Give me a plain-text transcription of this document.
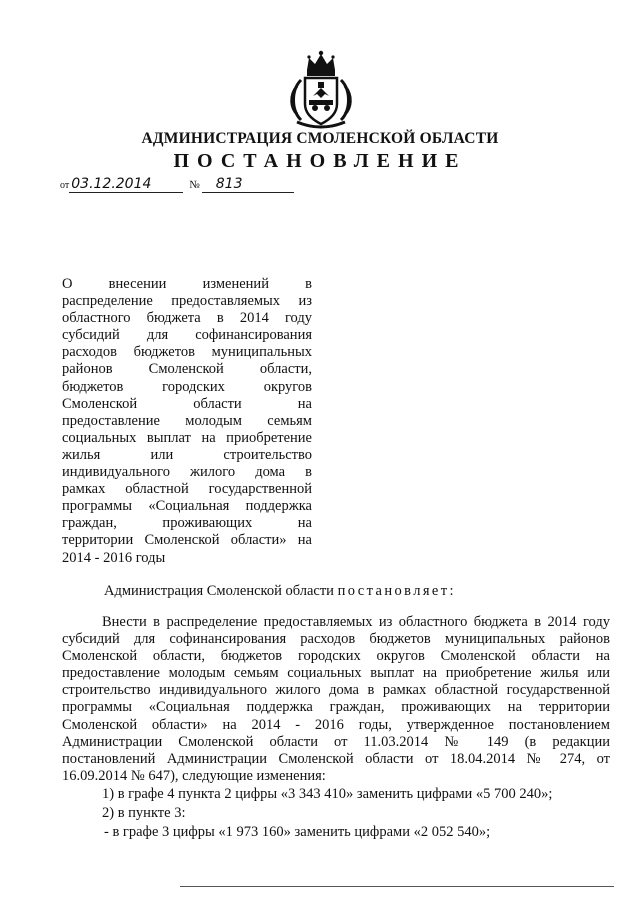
АДМИНИСТРАЦИЯ СМОЛЕНСКОЙ ОБЛАСТИ
ПОСТАНОВЛЕНИЕ
от 03.12.2014	№ 813
О внесении изменений в
распределение предоставляемых из
областного бюджета в 2014 году
субсидий для софинансирования
расходов бюджетов муниципальных
районов Смоленской области,
бюджетов городских округов
Смоленской области на
предоставление молодым семьям
социальных выплат на приобретение
жилья или строительство
индивидуального жилого дома в
рамках областной государственной
программы «Социальная поддержка
граждан, проживающих на
территории Смоленской области» на
2014 - 2016 годы
Администрация Смоленской области постановляет:
Внести в распределение предоставляемых из областного бюджета в 2014 году
субсидий для софинансирования расходов бюджетов муниципальных районов
Смоленской области, бюджетов городских округов Смоленской области на
предоставление молодым семьям социальных выплат на приобретение жилья или
строительство индивидуального жилого дома в рамках областной государственной
программы «Социальная поддержка граждан, проживающих на территории
Смоленской области» на 2014 - 2016 годы, утвержденное постановлением
Администрации Смоленской области от 11.03.2014 № 149 (в редакции
постановлений Администрации Смоленской области от 18.04.2014 № 274, от
16.09.2014 № 647), следующие изменения:
1) в графе 4 пункта 2 цифры «3 343 410» заменить цифрами «5 700 240»;
2) в пункте 3:
- в графе 3 цифры «1 973 160» заменить цифрами «2 052 540»;
